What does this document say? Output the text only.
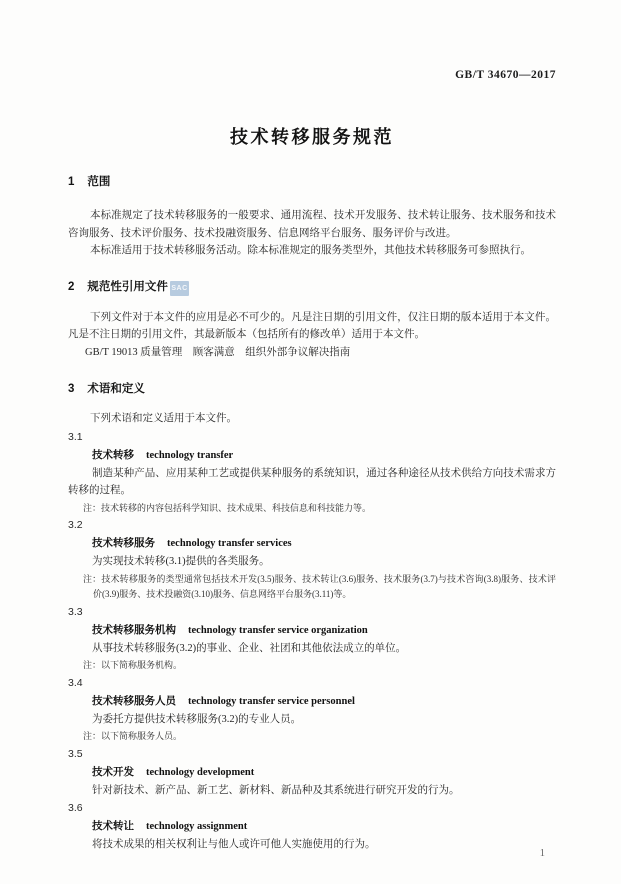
GB/T 34670—2017
技术转移服务规范
1 范围

本标准规定了技术转移服务的一般要求、通用流程、技术开发服务、技术转让服务、技术服务和技术咨询服务、技术评价服务、技术投融资服务、信息网络平台服务、服务评价与改进。

本标准适用于技术转移服务活动。除本标准规定的服务类型外，其他技术转移服务可参照执行。

2 规范性引用文件

下列文件对于本文件的应用是必不可少的。凡是注日期的引用文件，仅注日期的版本适用于本文件。凡是不注日期的引用文件，其最新版本（包括所有的修改单）适用于本文件。

GB/T 19013 质量管理　顾客满意　组织外部争议解决指南

3 术语和定义

下列术语和定义适用于本文件。

3.1
技术转移 technology transfer

制造某种产品、应用某种工艺或提供某种服务的系统知识，通过各种途径从技术供给方向技术需求方转移的过程。

注：技术转移的内容包括科学知识、技术成果、科技信息和科技能力等。
3.2
技术转移服务 technology transfer services

为实现技术转移(3.1)提供的各类服务。

注：技术转移服务的类型通常包括技术开发(3.5)服务、技术转让(3.6)服务、技术服务(3.7)与技术咨询(3.8)服务、技术评价(3.9)服务、技术投融资(3.10)服务、信息网络平台服务(3.11)等。
3.3
技术转移服务机构 technology transfer service organization

从事技术转移服务(3.2)的事业、企业、社团和其他依法成立的单位。

注：以下简称服务机构。
3.4
技术转移服务人员 technology transfer service personnel

为委托方提供技术转移服务(3.2)的专业人员。

注：以下简称服务人员。
3.5
技术开发 technology development

针对新技术、新产品、新工艺、新材料、新品种及其系统进行研究开发的行为。

3.6
技术转让 technology assignment

将技术成果的相关权利让与他人或许可他人实施使用的行为。

SAC
1
